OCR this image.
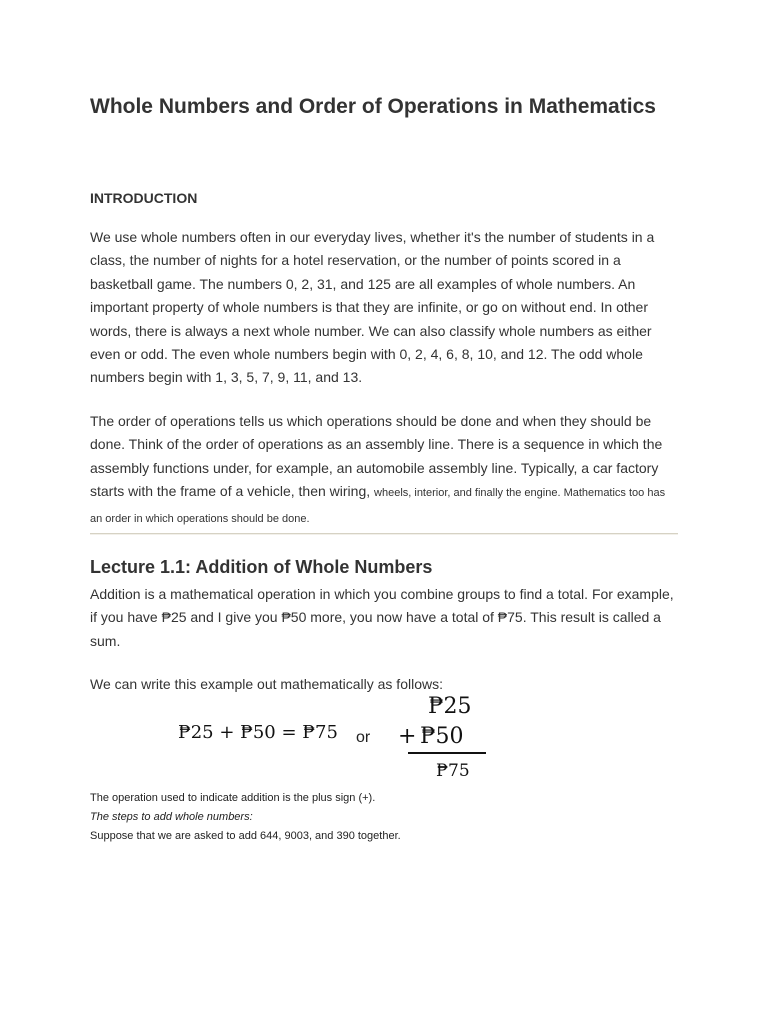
Whole Numbers and Order of Operations in Mathematics
INTRODUCTION

We use whole numbers often in our everyday lives, whether it's the number of students in a class, the number of nights for a hotel reservation, or the number of points scored in a basketball game. The numbers 0, 2, 31, and 125 are all examples of whole numbers. An important property of whole numbers is that they are infinite, or go on without end. In other words, there is always a next whole number. We can also classify whole numbers as either even or odd. The even whole numbers begin with 0, 2, 4, 6, 8, 10, and 12. The odd whole numbers begin with 1, 3, 5, 7, 9, 11, and 13.

The order of operations tells us which operations should be done and when they should be done. Think of the order of operations as an assembly line. There is a sequence in which the assembly functions under, for example, an automobile assembly line. Typically, a car factory starts with the frame of a vehicle, then wiring, wheels, interior, and finally the engine. Mathematics too has an order in which operations should be done.

Lecture 1.1: Addition of Whole Numbers

Addition is a mathematical operation in which you combine groups to find a total. For example, if you have ₱25 and I give you ₱50 more, you now have a total of ₱75. This result is called a sum.

We can write this example out mathematically as follows:

₱25 + ₱50 = ₱75 or
₱25
+ ₱50
₱75

The operation used to indicate addition is the plus sign (+).

The steps to add whole numbers:

Suppose that we are asked to add 644, 9003, and 390 together.
